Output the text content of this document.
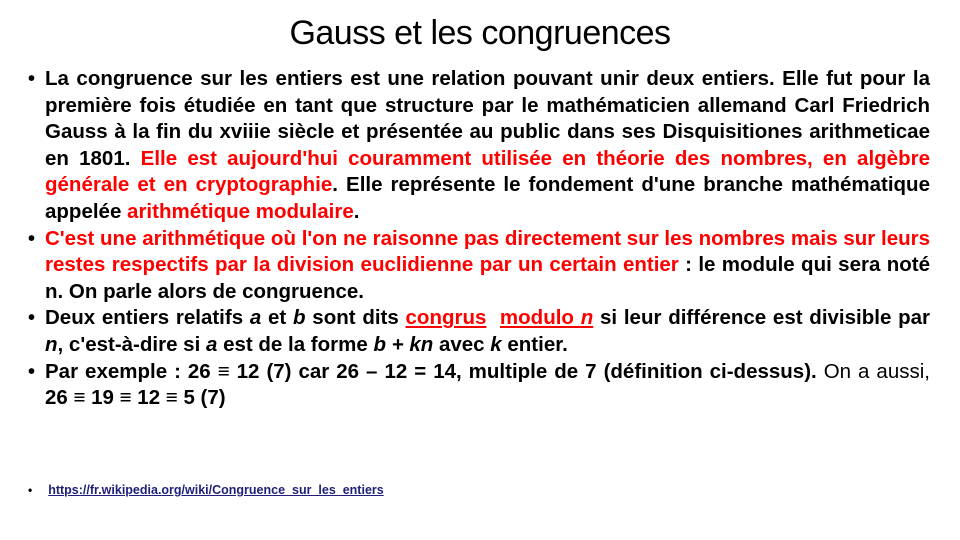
Gauss et les congruences
• La congruence sur les entiers est une relation pouvant unir deux entiers. Elle fut pour la première fois étudiée en tant que structure par le mathématicien allemand Carl Friedrich Gauss à la fin du xviiie siècle et présentée au public dans ses Disquisitiones arithmeticae en 1801. Elle est aujourd'hui couramment utilisée en théorie des nombres, en algèbre générale et en cryptographie. Elle représente le fondement d'une branche mathématique appelée arithmétique modulaire.
• C'est une arithmétique où l'on ne raisonne pas directement sur les nombres mais sur leurs restes respectifs par la division euclidienne par un certain entier : le module qui sera noté n. On parle alors de congruence.
• Deux entiers relatifs a et b sont dits congrus modulo n si leur différence est divisible par n, c'est-à-dire si a est de la forme b + kn avec k entier.
• Par exemple : 26 ≡ 12 (7) car 26 – 12 = 14, multiple de 7 (définition ci-dessus). On a aussi, 26 ≡ 19 ≡ 12 ≡ 5 (7)
• https://fr.wikipedia.org/wiki/Congruence_sur_les_entiers
